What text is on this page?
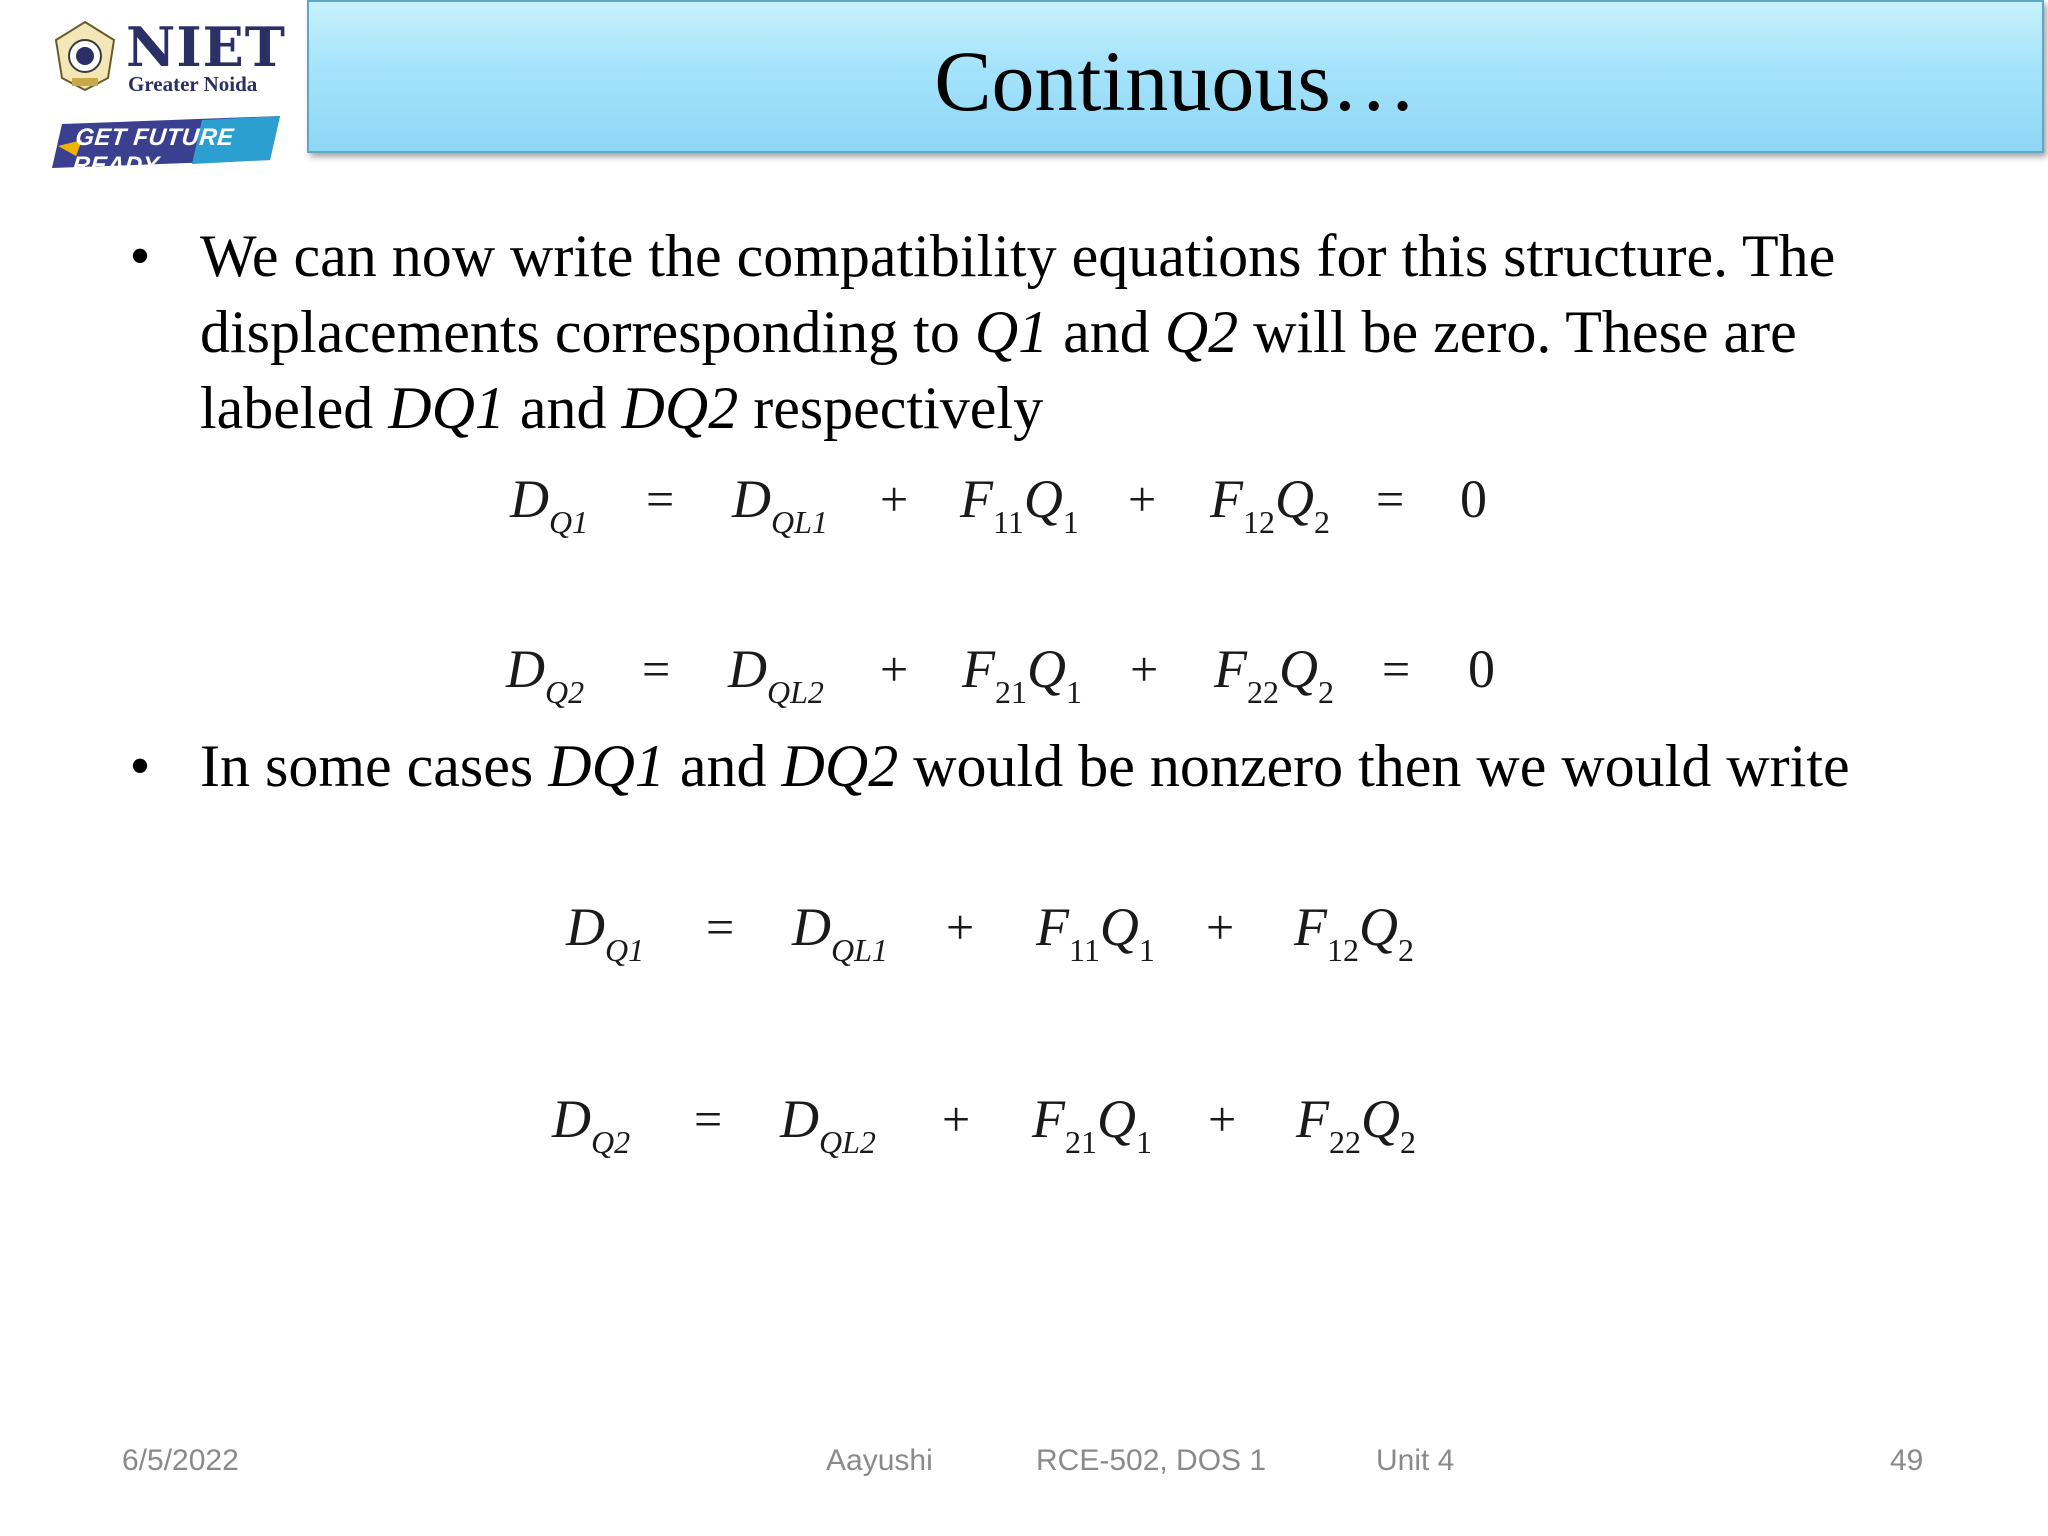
NIET
Greater Noida
GET FUTURE READY
Continuous…
• We can now write the compatibility equations for this structure. The displacements corresponding to Q1 and Q2 will be zero. These are labeled DQ1 and DQ2 respectively
• In some cases DQ1 and DQ2 would be nonzero then we would write
$D_{Q1} = D_{QL1} + F_{11}Q_1 + F_{12}Q_2 = 0$
$D_{Q2} = D_{QL2} + F_{21}Q_1 + F_{22}Q_2 = 0$
$D_{Q1} = D_{QL1} + F_{11}Q_1 + F_{12}Q_2$
$D_{Q2} = D_{QL2} + F_{21}Q_1 + F_{22}Q_2$
6/5/2022	Aayushi	RCE-502, DOS 1	Unit 4	49
